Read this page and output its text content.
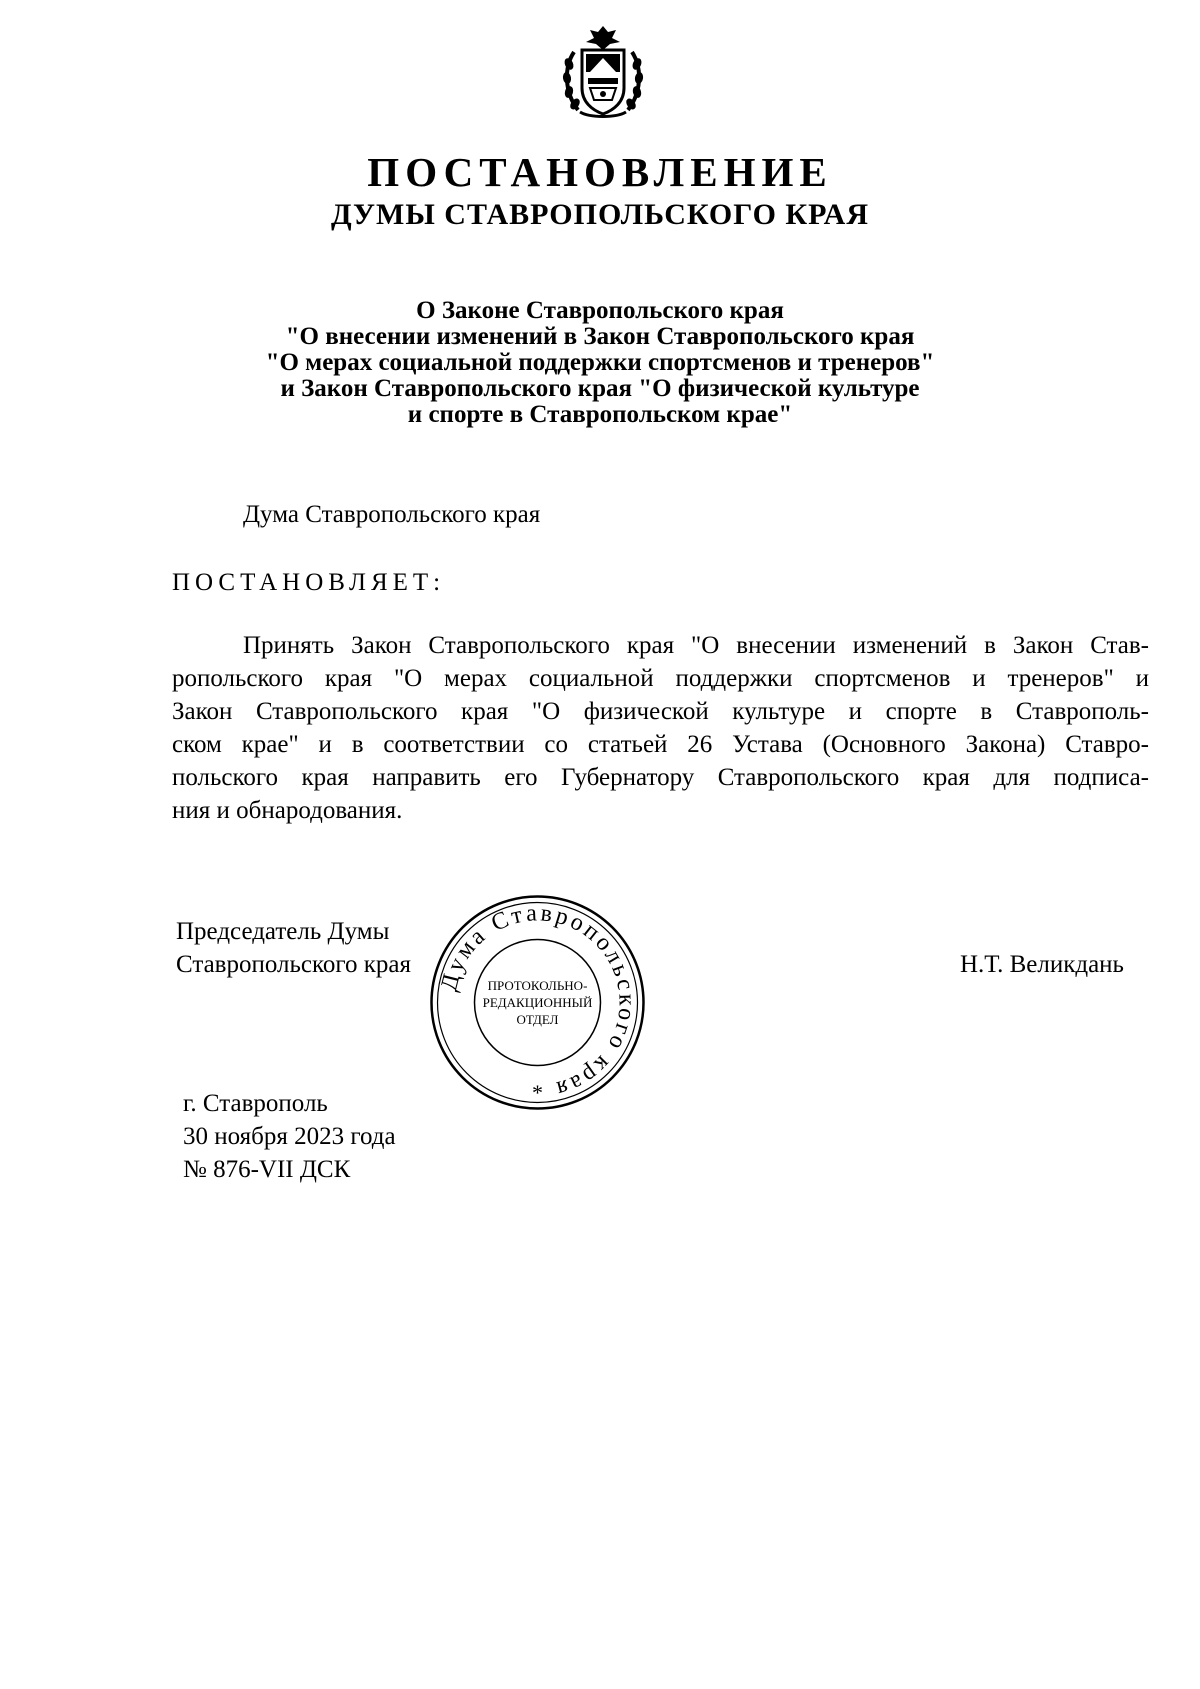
ПОСТАНОВЛЕНИЕ
ДУМЫ СТАВРОПОЛЬСКОГО КРАЯ
О Законе Ставропольского края
"О внесении изменений в Закон Ставропольского края
"О мерах социальной поддержки спортсменов и тренеров"
и Закон Ставропольского края "О физической культуре
и спорте в Ставропольском крае"
Дума Ставропольского края
ПОСТАНОВЛЯЕТ:
Принять Закон Ставропольского края "О внесении изменений в Закон Став-
ропольского края "О мерах социальной поддержки спортсменов и тренеров" и
Закон Ставропольского края "О физической культуре и спорте в Ставрополь-
ском крае" и в соответствии со статьей 26 Устава (Основного Закона) Ставро-
польского края направить его Губернатору Ставропольского края для подписа-
ния и обнародования.
Председатель Думы
Ставропольского края	Н.Т. Великдань
Дума Ставропольского края
ПРОТОКОЛЬНО-
РЕДАКЦИОННЫЙ
ОТДЕЛ
*
г. Ставрополь
30 ноября 2023 года
№ 876-VII ДСК
